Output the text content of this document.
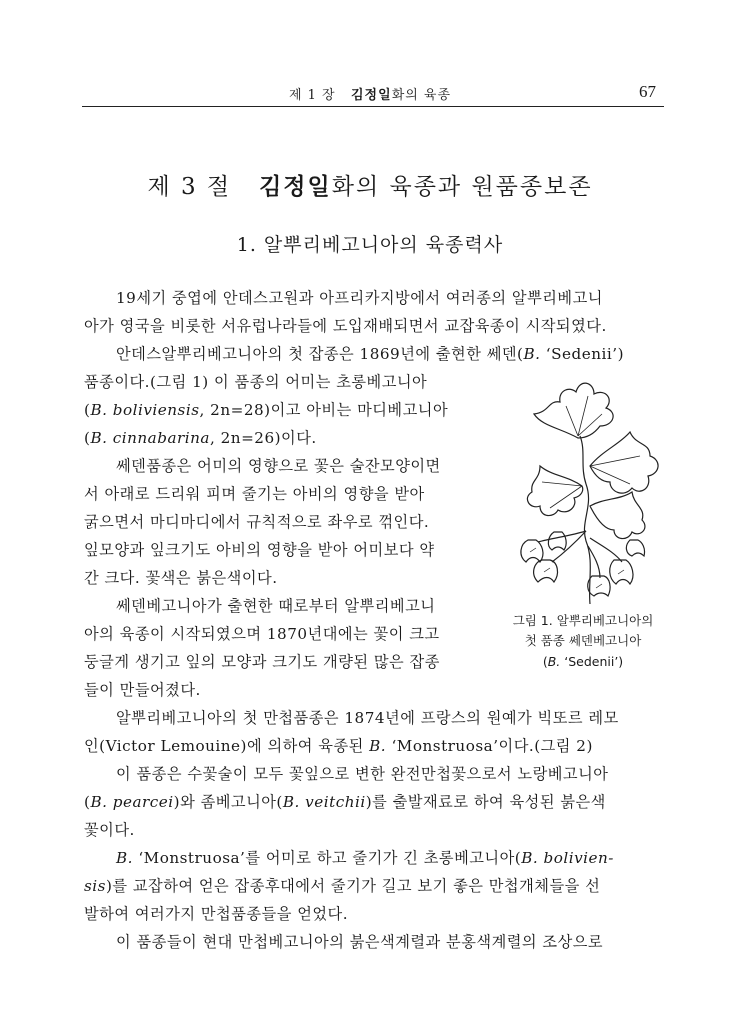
제 1 장 김정일화의 육종	67
제 3 절 김정일화의 육종과 원품종보존
1. 알뿌리베고니아의 육종력사
19세기 중엽에 안데스고원과 아프리카지방에서 여러종의 알뿌리베고니
아가 영국을 비롯한 서유럽나라들에 도입재배되면서 교잡육종이 시작되였다.
안데스알뿌리베고니아의 첫 잡종은 1869년에 출현한 쎄덴(B. ‘Sedenii’)
품종이다.(그림 1) 이 품종의 어미는 초롱베고니아
(B. boliviensis, 2n=28)이고 아비는 마디베고니아
(B. cinnabarina, 2n=26)이다.
쎄덴품종은 어미의 영향으로 꽃은 술잔모양이면
서 아래로 드리워 피며 줄기는 아비의 영향을 받아
굵으면서 마디마디에서 규칙적으로 좌우로 꺾인다.
잎모양과 잎크기도 아비의 영향을 받아 어미보다 약
간 크다. 꽃색은 붉은색이다.
쎄덴베고니아가 출현한 때로부터 알뿌리베고니
아의 육종이 시작되였으며 1870년대에는 꽃이 크고
둥글게 생기고 잎의 모양과 크기도 개량된 많은 잡종
들이 만들어졌다.
알뿌리베고니아의 첫 만첩품종은 1874년에 프랑스의 원예가 빅또르 레모
인(Victor Lemouine)에 의하여 육종된 B. ‘Monstruosa’이다.(그림 2)
이 품종은 수꽃술이 모두 꽃잎으로 변한 완전만첩꽃으로서 노랑베고니아
(B. pearcei)와 좀베고니아(B. veitchii)를 출발재료로 하여 육성된 붉은색
꽃이다.
B. ‘Monstruosa’를 어미로 하고 줄기가 긴 초롱베고니아(B. bolivien-
sis)를 교잡하여 얻은 잡종후대에서 줄기가 길고 보기 좋은 만첩개체들을 선
발하여 여러가지 만첩품종들을 얻었다.
이 품종들이 현대 만첩베고니아의 붉은색계렬과 분홍색계렬의 조상으로
그림 1. 알뿌리베고니아의
첫 품종 쎄덴베고니아
(B. ‘Sedenii’)
